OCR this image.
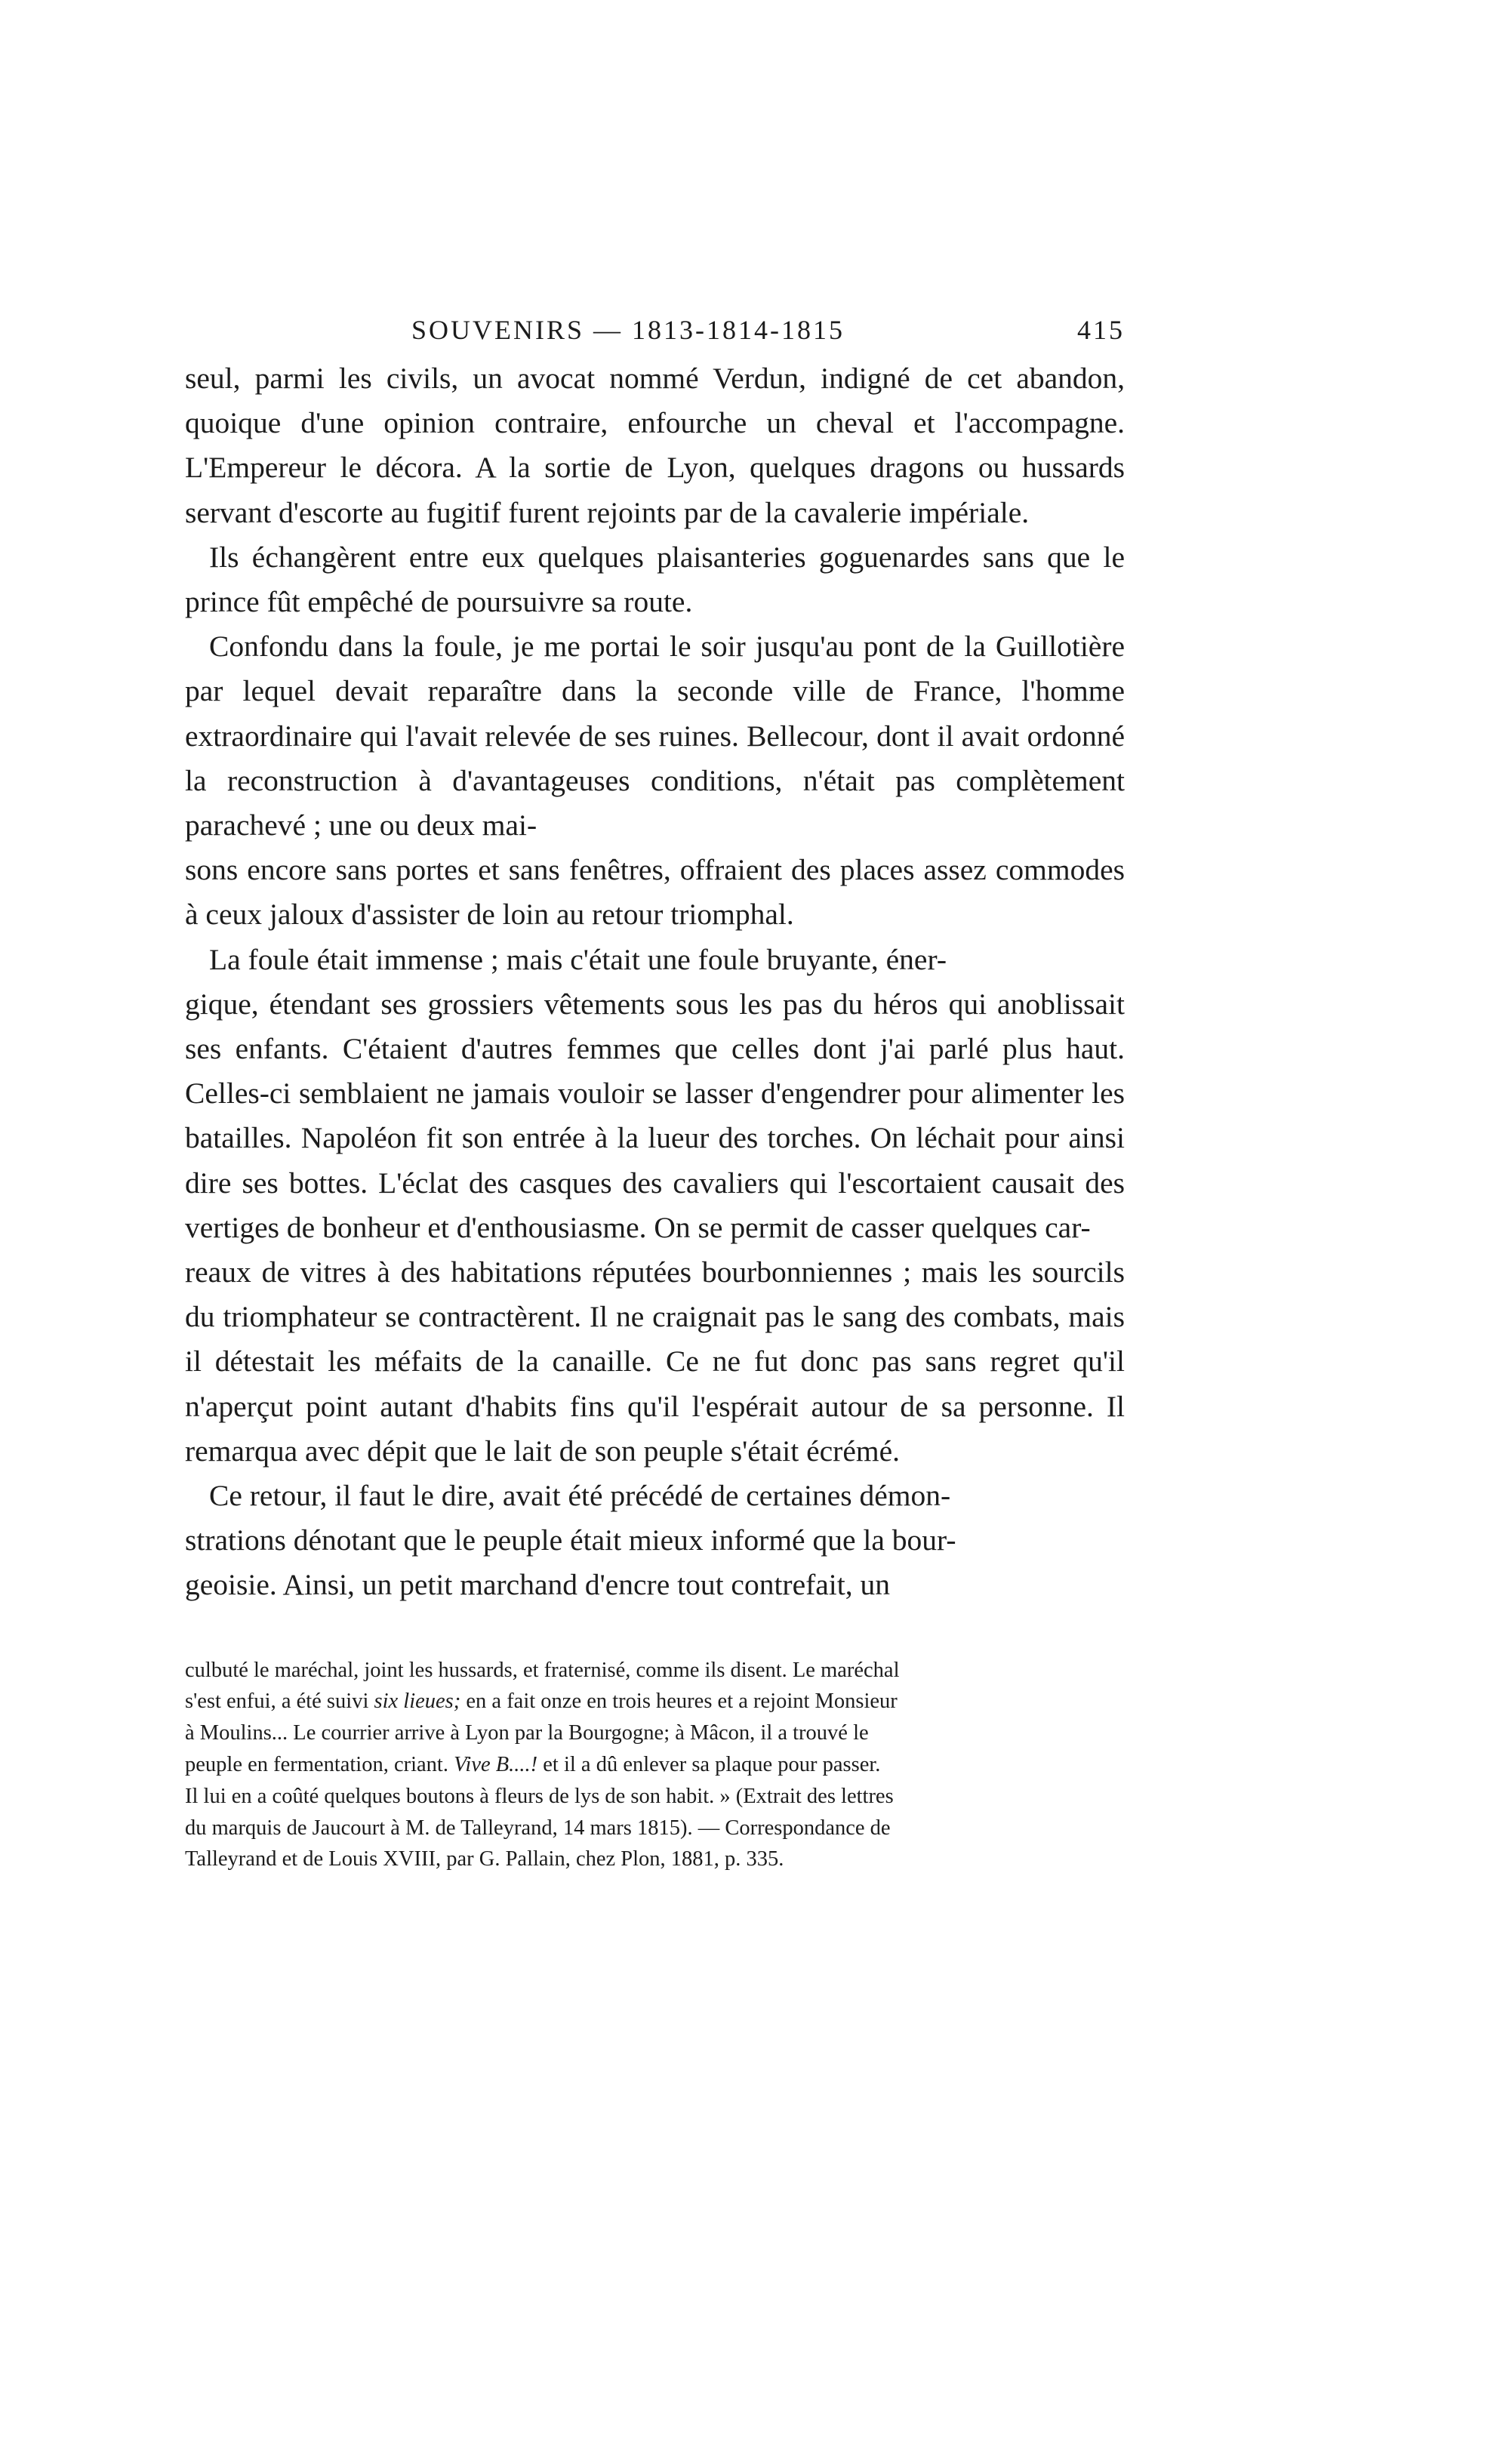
SOUVENIRS — 1813-1814-1815	415

seul, parmi les civils, un avocat nommé Verdun, indigné de cet abandon, quoique d'une opinion contraire, enfourche un cheval et l'accompagne. L'Empereur le décora. A la sortie de Lyon, quelques dragons ou hussards servant d'escorte au fugitif furent rejoints par de la cavalerie impériale.

Ils échangèrent entre eux quelques plaisanteries goguenardes sans que le prince fût empêché de poursuivre sa route.

Confondu dans la foule, je me portai le soir jusqu'au pont de la Guillotière par lequel devait reparaître dans la seconde ville de France, l'homme extraordinaire qui l'avait relevée de ses ruines. Bellecour, dont il avait ordonné la reconstruction à d'avantageuses conditions, n'était pas complètement parachevé ; une ou deux mai-
sons encore sans portes et sans fenêtres, offraient des places assez commodes à ceux jaloux d'assister de loin au retour triomphal.

La foule était immense ; mais c'était une foule bruyante, éner-
gique, étendant ses grossiers vêtements sous les pas du héros qui anoblissait ses enfants. C'étaient d'autres femmes que celles dont j'ai parlé plus haut. Celles-ci semblaient ne jamais vouloir se lasser d'engendrer pour alimenter les batailles. Napoléon fit son entrée à la lueur des torches. On léchait pour ainsi dire ses bottes. L'éclat des casques des cavaliers qui l'escortaient causait des vertiges de bonheur et d'enthousiasme. On se permit de casser quelques car-
reaux de vitres à des habitations réputées bourbonniennes ; mais les sourcils du triomphateur se contractèrent. Il ne craignait pas le sang des combats, mais il détestait les méfaits de la canaille. Ce ne fut donc pas sans regret qu'il n'aperçut point autant d'habits fins qu'il l'espérait autour de sa personne. Il remarqua avec dépit que le lait de son peuple s'était écrémé.

Ce retour, il faut le dire, avait été précédé de certaines démon-
strations dénotant que le peuple était mieux informé que la bour-
geoisie. Ainsi, un petit marchand d'encre tout contrefait, un

culbuté le maréchal, joint les hussards, et fraternisé, comme ils disent. Le maréchal

s'est enfui, a été suivi six lieues; en a fait onze en trois heures et a rejoint Monsieur

à Moulins... Le courrier arrive à Lyon par la Bourgogne; à Mâcon, il a trouvé le

peuple en fermentation, criant. Vive B....! et il a dû enlever sa plaque pour passer.

Il lui en a coûté quelques boutons à fleurs de lys de son habit. » (Extrait des lettres

du marquis de Jaucourt à M. de Talleyrand, 14 mars 1815). — Correspondance de

Talleyrand et de Louis XVIII, par G. Pallain, chez Plon, 1881, p. 335.
